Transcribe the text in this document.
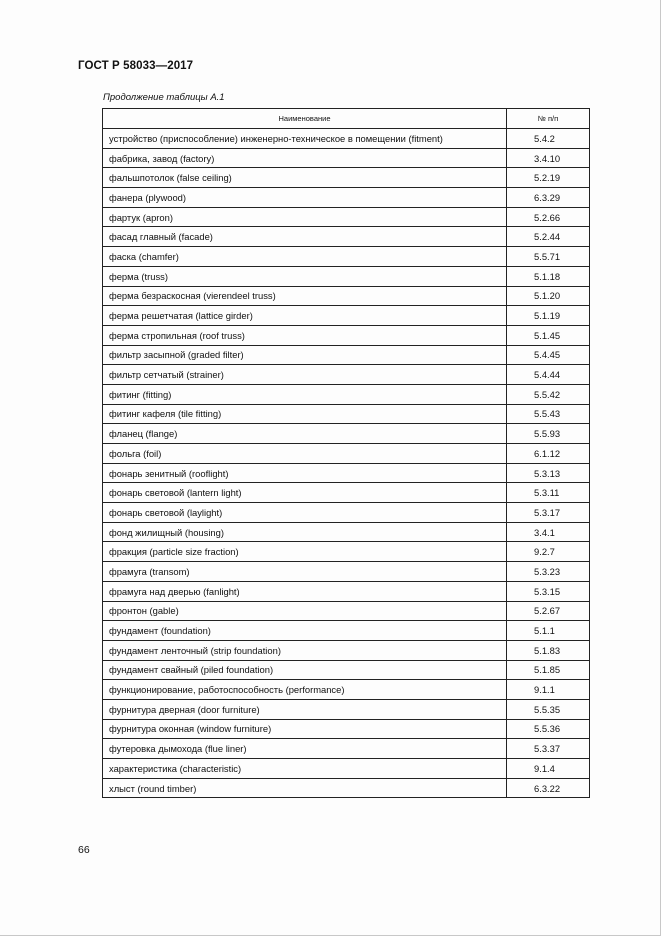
ГОСТ Р 58033—2017
Продолжение таблицы А.1
Наименование	№ п/п
устройство (приспособление) инженерно-техническое в помещении (fitment)	5.4.2
фабрика, завод (factory)	3.4.10
фальшпотолок (false ceiling)	5.2.19
фанера (plywood)	6.3.29
фартук (apron)	5.2.66
фасад главный (facade)	5.2.44
фаска (chamfer)	5.5.71
ферма (truss)	5.1.18
ферма безраскосная (vierendeel truss)	5.1.20
ферма решетчатая (lattice girder)	5.1.19
ферма стропильная (roof truss)	5.1.45
фильтр засыпной (graded filter)	5.4.45
фильтр сетчатый (strainer)	5.4.44
фитинг (fitting)	5.5.42
фитинг кафеля (tile fitting)	5.5.43
фланец (flange)	5.5.93
фольга (foil)	6.1.12
фонарь зенитный (rooflight)	5.3.13
фонарь световой (lantern light)	5.3.11
фонарь световой (laylight)	5.3.17
фонд жилищный (housing)	3.4.1
фракция (particle size fraction)	9.2.7
фрамуга (transom)	5.3.23
фрамуга над дверью (fanlight)	5.3.15
фронтон (gable)	5.2.67
фундамент (foundation)	5.1.1
фундамент ленточный (strip foundation)	5.1.83
фундамент свайный (piled foundation)	5.1.85
функционирование, работоспособность (performance)	9.1.1
фурнитура дверная (door furniture)	5.5.35
фурнитура оконная (window furniture)	5.5.36
футеровка дымохода (flue liner)	5.3.37
характеристика (characteristic)	9.1.4
хлыст (round timber)	6.3.22
66
